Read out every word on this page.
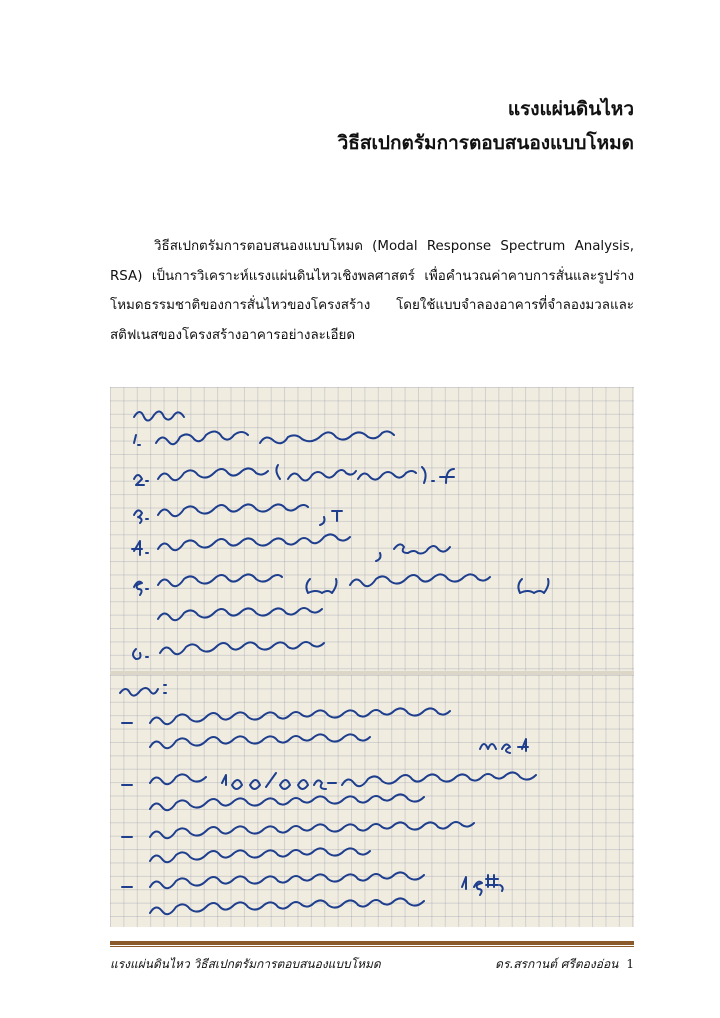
แรงแผ่นดินไหว
วิธีสเปกตรัมการตอบสนองแบบโหมด
วิธีสเปกตรัมการตอบสนองแบบโหมด (Modal Response Spectrum Analysis,
RSA) เป็นการวิเคราะห์แรงแผ่นดินไหวเชิงพลศาสตร์ เพื่อคำนวณค่าคาบการสั่นและรูปร่าง
โหมดธรรมชาติของการสั่นไหวของโครงสร้าง โดยใช้แบบจำลองอาคารที่จำลองมวลและ
สติฟเนสของโครงสร้างอาคารอย่างละเอียด
แรงแผ่นดินไหว วิธีสเปกตรัมการตอบสนองแบบโหมด	ดร.สรกานต์ ศรีตองอ่อน 1
